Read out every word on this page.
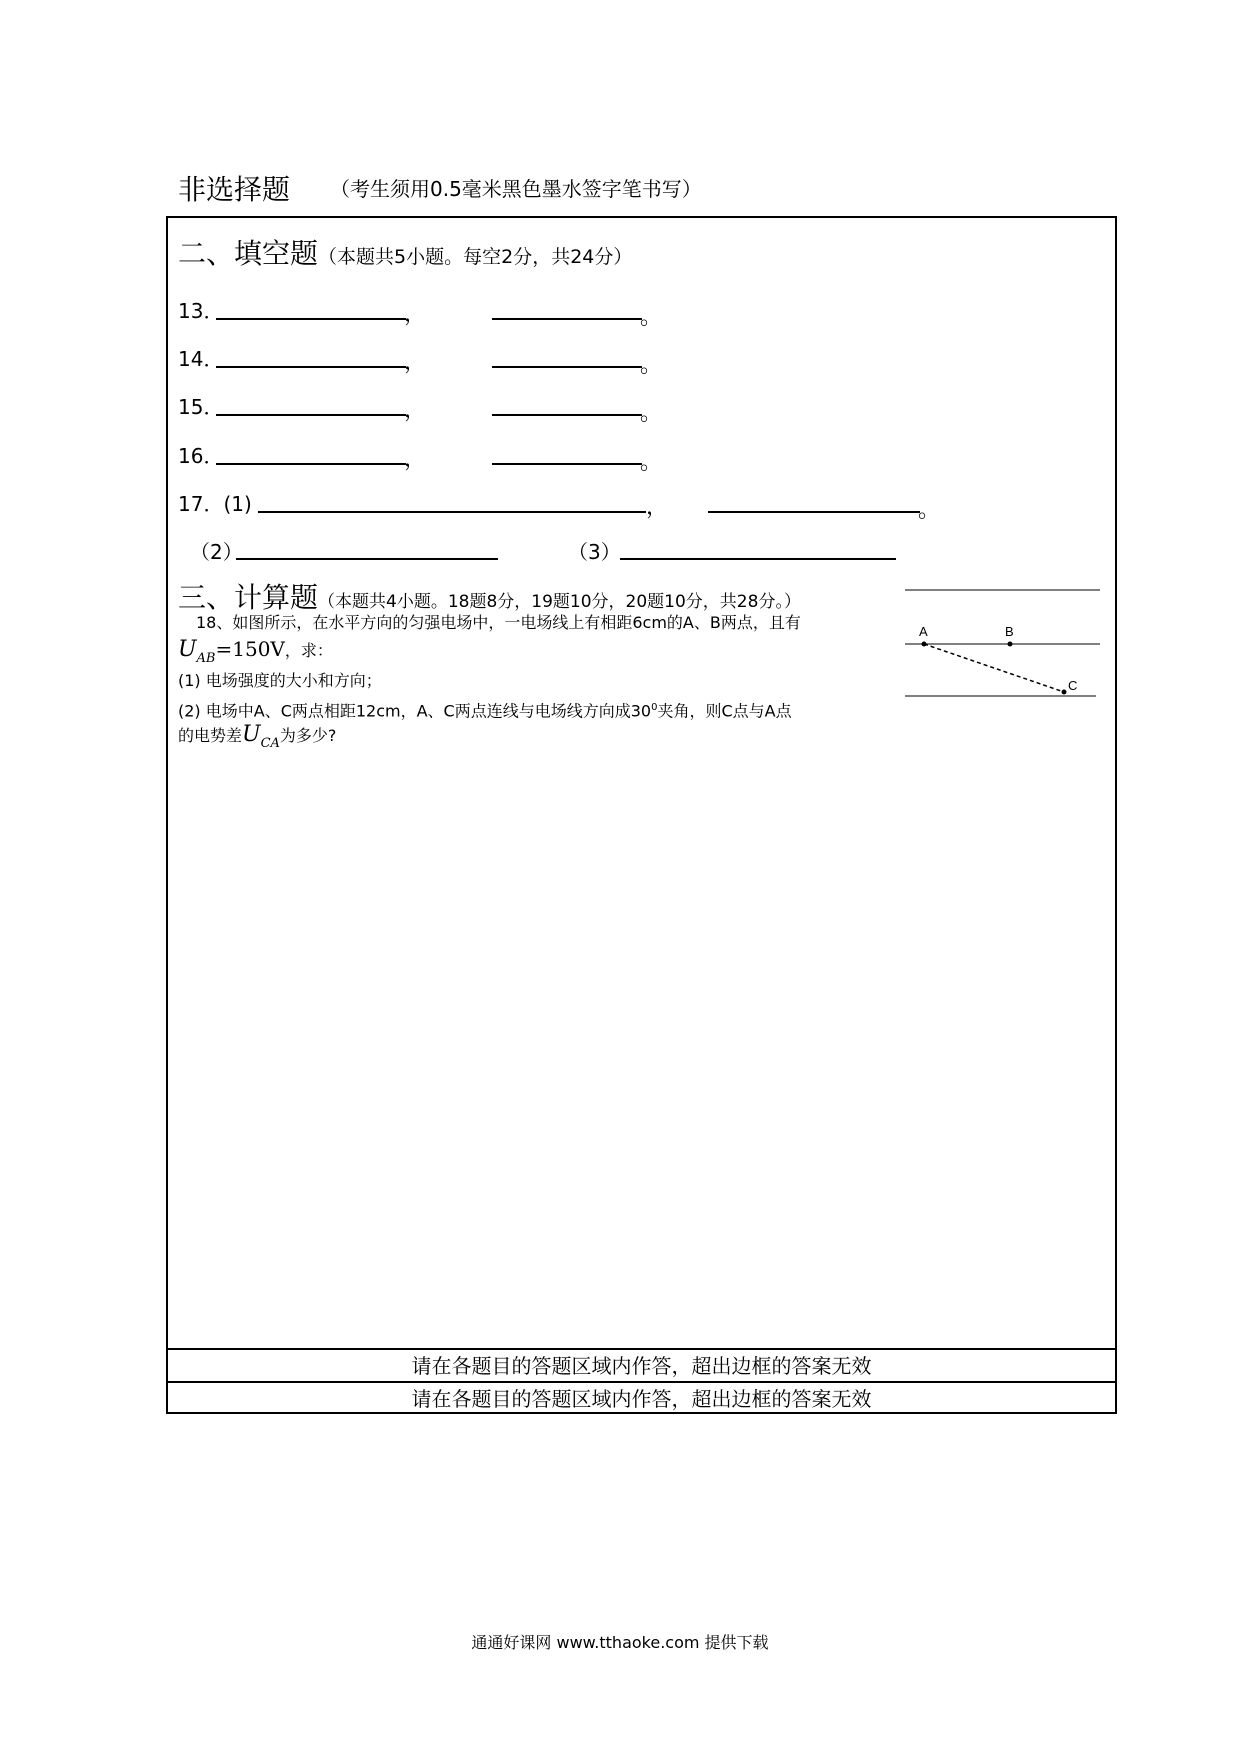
非选择题 （考生须用0.5毫米黑色墨水签字笔书写）
二、填空题（本题共5小题。每空2分，共24分）
13．	，	。
14．	，	。
15．	，	。
16．	，	。
17．(1)	，	。
（2）	（3）
三、计算题（本题共4小题。18题8分，19题10分，20题10分，共28分。）
18、如图所示，在水平方向的匀强电场中，一电场线上有相距6cm的A、B两点，且有
$U_{AB}=150V$，求：
(1) 电场强度的大小和方向；
(2) 电场中A、C两点相距12cm，A、C两点连线与电场线方向成$30^0$夹角，则C点与A点
的电势差$U_{CA}$为多少?
A	B
C
请在各题目的答题区域内作答，超出边框的答案无效
请在各题目的答题区域内作答，超出边框的答案无效
通通好课网 www.tthaoke.com 提供下载
